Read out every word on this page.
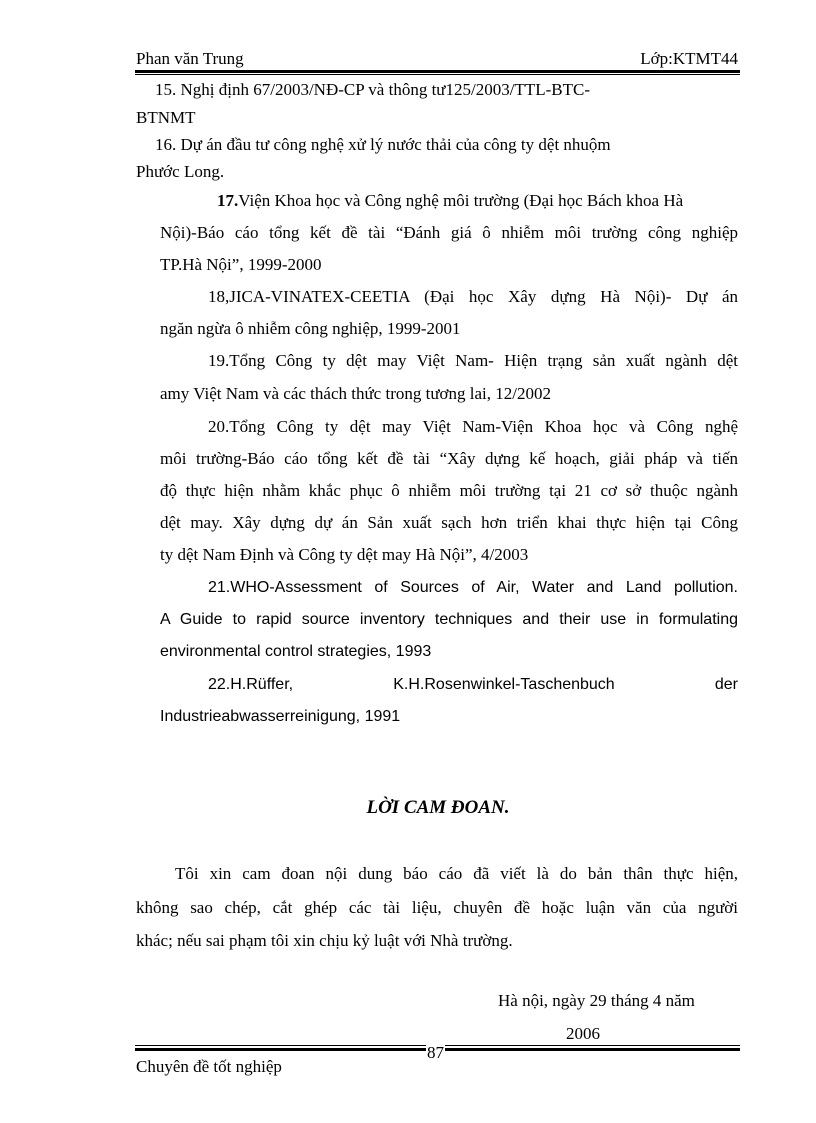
Phan văn Trung	Lớp:KTMT44
15. Nghị định 67/2003/NĐ-CP và thông tư125/2003/TTL-BTC-
BTNMT
16. Dự án đầu tư công nghệ xử lý nước thải của công ty dệt nhuộm
Phước Long.
17.Viện Khoa học và Công nghệ môi trường (Đại học Bách khoa Hà
Nội)-Báo cáo tổng kết đề tài “Đánh giá ô nhiễm môi trường công nghiệp
TP.Hà Nội”, 1999-2000
18,JICA-VINATEX-CEETIA (Đại học Xây dựng Hà Nội)- Dự án
ngăn ngừa ô nhiễm công nghiệp, 1999-2001
19.Tổng Công ty dệt may Việt Nam- Hiện trạng sản xuất ngành dệt
amy Việt Nam và các thách thức trong tương lai, 12/2002
20.Tổng Công ty dệt may Việt Nam-Viện Khoa học và Công nghệ
môi trường-Báo cáo tổng kết đề tài “Xây dựng kế hoạch, giải pháp và tiến
độ thực hiện nhằm khắc phục ô nhiễm môi trường tại 21 cơ sở thuộc ngành
dệt may. Xây dựng dự án Sản xuất sạch hơn triển khai thực hiện tại Công
ty dệt Nam Định và Công ty dệt may Hà Nội”, 4/2003
21.WHO-Assessment of Sources of Air, Water and Land pollution.
A Guide to rapid source inventory techniques and their use in formulating
environmental control strategies, 1993
22.H.Rüffer, K.H.Rosenwinkel-Taschenbuch der
Industrieabwasserreinigung, 1991
LỜI CAM ĐOAN.
Tôi xin cam đoan nội dung báo cáo đã viết là do bản thân thực hiện,
không sao chép, cắt ghép các tài liệu, chuyên đề hoặc luận văn của người
khác; nếu sai phạm tôi xin chịu kỷ luật với Nhà trường.
Hà nội, ngày 29 tháng 4 năm
2006
87
Chuyên đề tốt nghiệp
